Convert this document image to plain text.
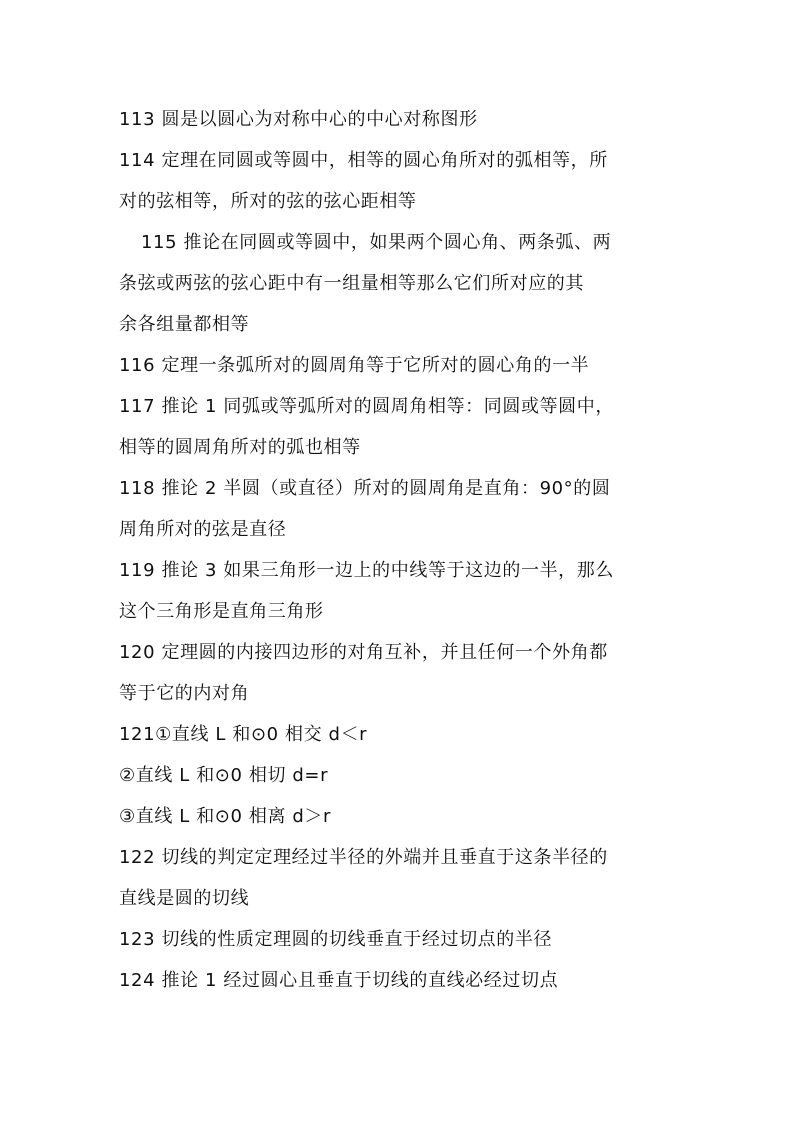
113 圆是以圆心为对称中心的中心对称图形
114 定理在同圆或等圆中，相等的圆心角所对的弧相等，所
对的弦相等，所对的弦的弦心距相等
115 推论在同圆或等圆中，如果两个圆心角、两条弧、两
条弦或两弦的弦心距中有一组量相等那么它们所对应的其
余各组量都相等
116 定理一条弧所对的圆周角等于它所对的圆心角的一半
117 推论 1 同弧或等弧所对的圆周角相等：同圆或等圆中，
相等的圆周角所对的弧也相等
118 推论 2 半圆（或直径）所对的圆周角是直角：90°的圆
周角所对的弦是直径
119 推论 3 如果三角形一边上的中线等于这边的一半，那么
这个三角形是直角三角形
120 定理圆的内接四边形的对角互补，并且任何一个外角都
等于它的内对角
121①直线 L 和⊙0 相交 d＜r
②直线 L 和⊙0 相切 d=r
③直线 L 和⊙0 相离 d＞r
122 切线的判定定理经过半径的外端并且垂直于这条半径的
直线是圆的切线
123 切线的性质定理圆的切线垂直于经过切点的半径
124 推论 1 经过圆心且垂直于切线的直线必经过切点
